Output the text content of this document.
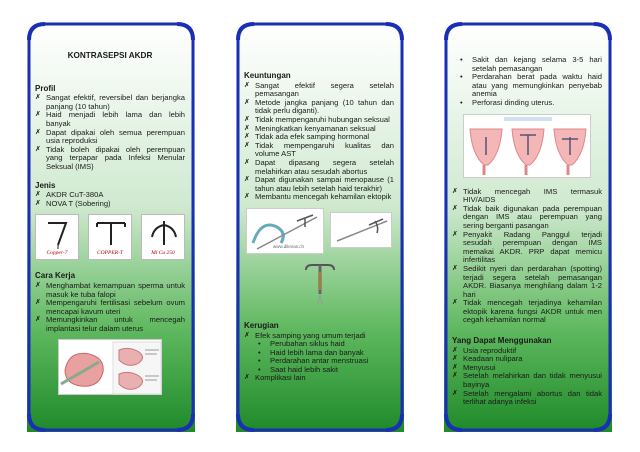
KONTRASEPSI AKDR
Profil
✗ Sangat efektif, reversibel dan berjangka panjang (10 tahun)
✗ Haid menjadi lebih lama dan lebih banyak
✗ Dapat dipakai oleh semua perempuan usia reproduksi
✗ Tidak boleh dipakai oleh perempuan yang terpapar pada Infeksi Menular Seksual (IMS)
Jenis
✗ AKDR CuT-380A
✗ NOVA T (Sobering)
Copper-7	COPPER-T	Ml Cu 250
Cara Kerja
✗ Menghambat kemampuan sperma untuk masuk ke tuba falopi
✗ Mempengaruhi fertilisasi sebelum ovum mencapai kavum uteri
✗ Memungkinkan untuk mencegah implantasi telur dalam uterus
Keuntungan
✗ Sangat efektif segera setelah pemasangan
✗ Metode jangka panjang (10 tahun dan tidak perlu diganti).
✗ Tidak mempengaruhi hubungan seksual
✗ Meningkatkan kenyamanan seksual
✗ Tidak ada efek samping hormonal
✗ Tidak mempengaruhi kualitas dan volume AST
✗ Dapat dipasang segera setelah melahirkan atau sesudah abortus
✗ Dapat digunakan sampai menopause (1 tahun atau lebih setelah haid terakhir)
✗ Membantu mencegah kehamilan ektopik
www.dikmas.ch
Kerugian
✗ Efek samping yang umum terjadi
• Perubahan siklus haid
• Haid lebih lama dan banyak
• Perdarahan antar menstruasi
• Saat haid lebih sakit
✗ Komplikasi lain
• Sakit dan kejang selama 3-5 hari setelah pemasangan
• Perdarahan berat pada waktu haid atau yang memungkinkan penyebab anemia
• Perforasi dinding uterus.
✗ Tidak mencegah IMS termasuk HIV/AIDS
✗ Tidak baik digunakan pada perempuan dengan IMS atau perempuan yang sering berganti pasangan
✗ Penyakit Radang Panggul terjadi sesudah perempuan dengan IMS memakai AKDR. PRP dapat memicu infertilitas
✗ Sedikit nyeri dan perdarahan (spotting) terjadi segera setelah pemasangan AKDR. Biasanya menghilang dalam 1-2 hari
✗ Tidak mencegah terjadinya kehamilan ektopik karena fungsi AKDR untuk men cegah kehamilan normal
Yang Dapat Menggunakan
✗ Usia reproduktif
✗ Keadaan nulipara
✗ Menyusui
✗ Setelah melahirkan dan tidak menyusui bayinya
✗ Setelah mengalami abortus dan tidak terlihat adanya infeksi
